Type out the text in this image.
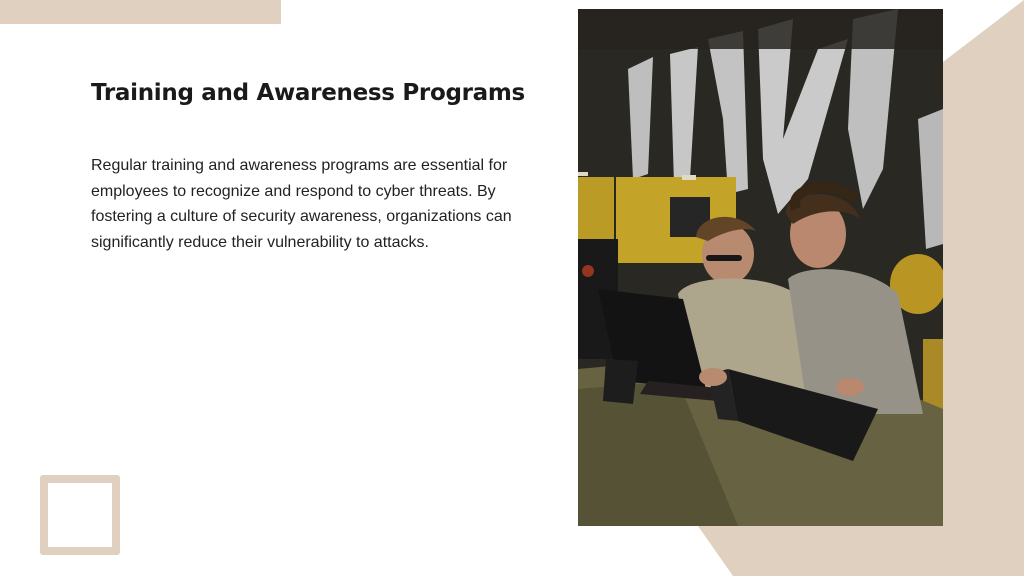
Training and Awareness Programs

Regular training and awareness programs are essential for employees to recognize and respond to cyber threats. By fostering a culture of security awareness, organizations can significantly reduce their vulnerability to attacks.
